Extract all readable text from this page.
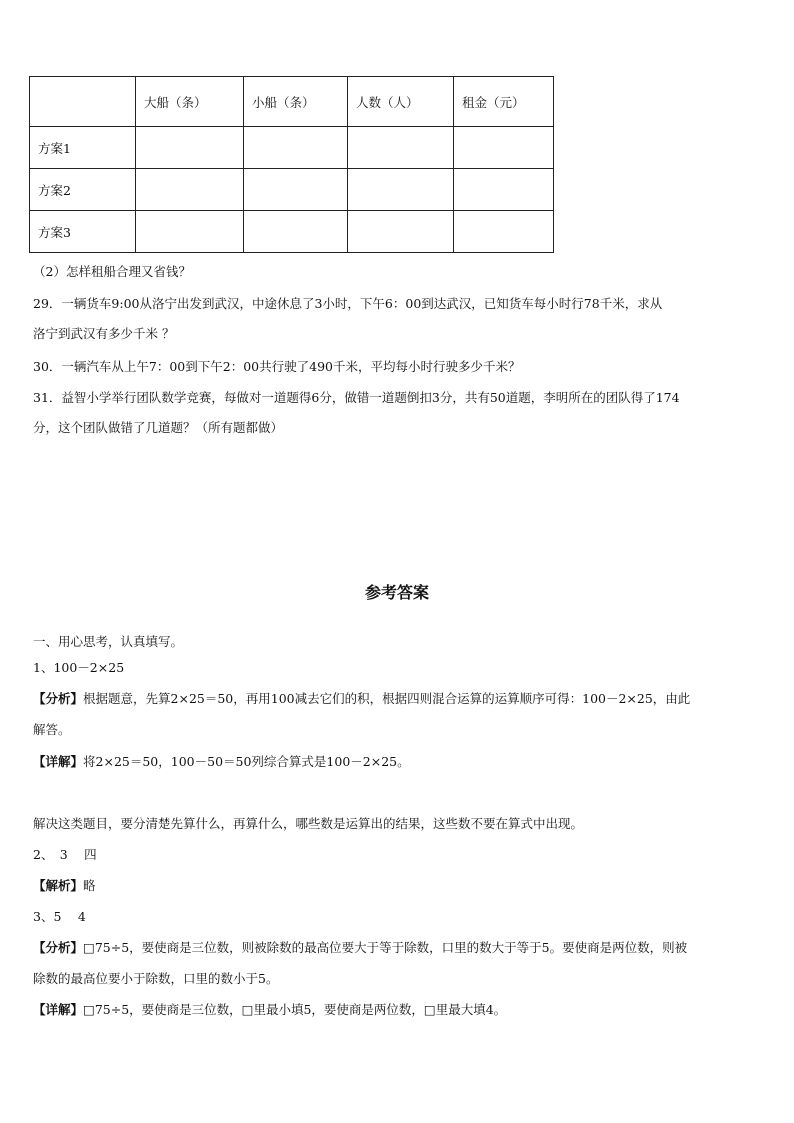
	大船（条）	小船（条）	人数（人）	租金（元）
方案1				
方案2				
方案3				
（2）怎样租船合理又省钱？
29．一辆货车9:00从洛宁出发到武汉，中途休息了3小时，下午6：00到达武汉，已知货车每小时行78千米，求从
洛宁到武汉有多少千米 ？
30．一辆汽车从上午7：00到下午2：00共行驶了490千米，平均每小时行驶多少千米？
31．益智小学举行团队数学竞赛，每做对一道题得6分，做错一道题倒扣3分，共有50道题，李明所在的团队得了174
分，这个团队做错了几道题？（所有题都做）
参考答案
一、用心思考，认真填写。
1、100－2×25
【分析】根据题意，先算2×25＝50，再用100减去它们的积，根据四则混合运算的运算顺序可得：100－2×25，由此
解答。
【详解】将2×25＝50，100－50＝50列综合算式是100－2×25。
解决这类题目，要分清楚先算什么，再算什么，哪些数是运算出的结果，这些数不要在算式中出现。
2、　3　 四
【解析】略
3、5　 4
【分析】□75÷5，要使商是三位数，则被除数的最高位要大于等于除数，口里的数大于等于5。要使商是两位数，则被
除数的最高位要小于除数，口里的数小于5。
【详解】□75÷5，要使商是三位数，□里最小填5，要使商是两位数，□里最大填4。
